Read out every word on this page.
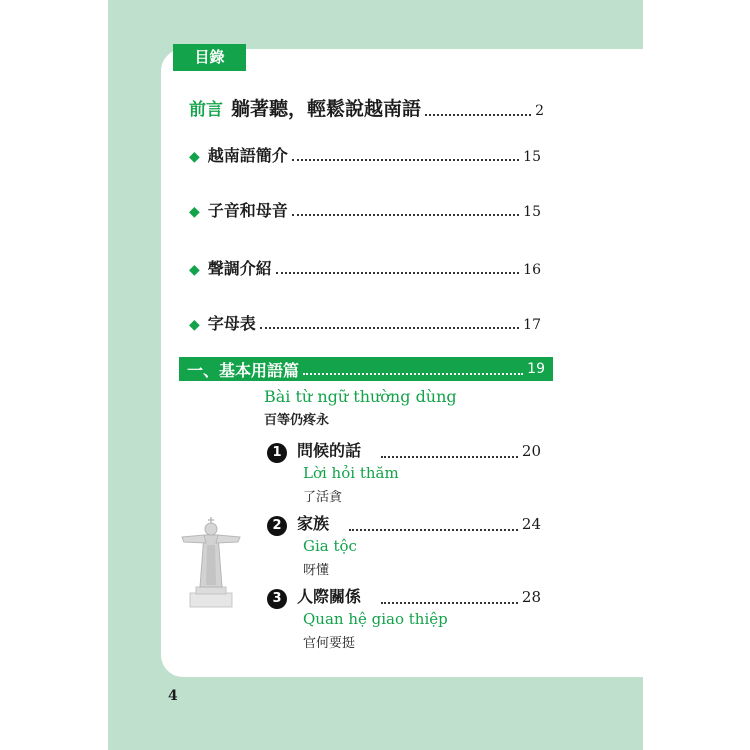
目錄
前言 躺著聽，輕鬆說越南語	2
◆ 越南語簡介	15
◆ 子音和母音	15
◆ 聲調介紹	16
◆ 字母表	17
一、基本用語篇	19
Bài từ ngữ thường dùng
百等仍疼永
1 問候的話	20
Lời hỏi thăm
了活貪
2 家族	24
Gia tộc
呀懂
3 人際關係	28
Quan hệ giao thiệp
官何要挺
4
